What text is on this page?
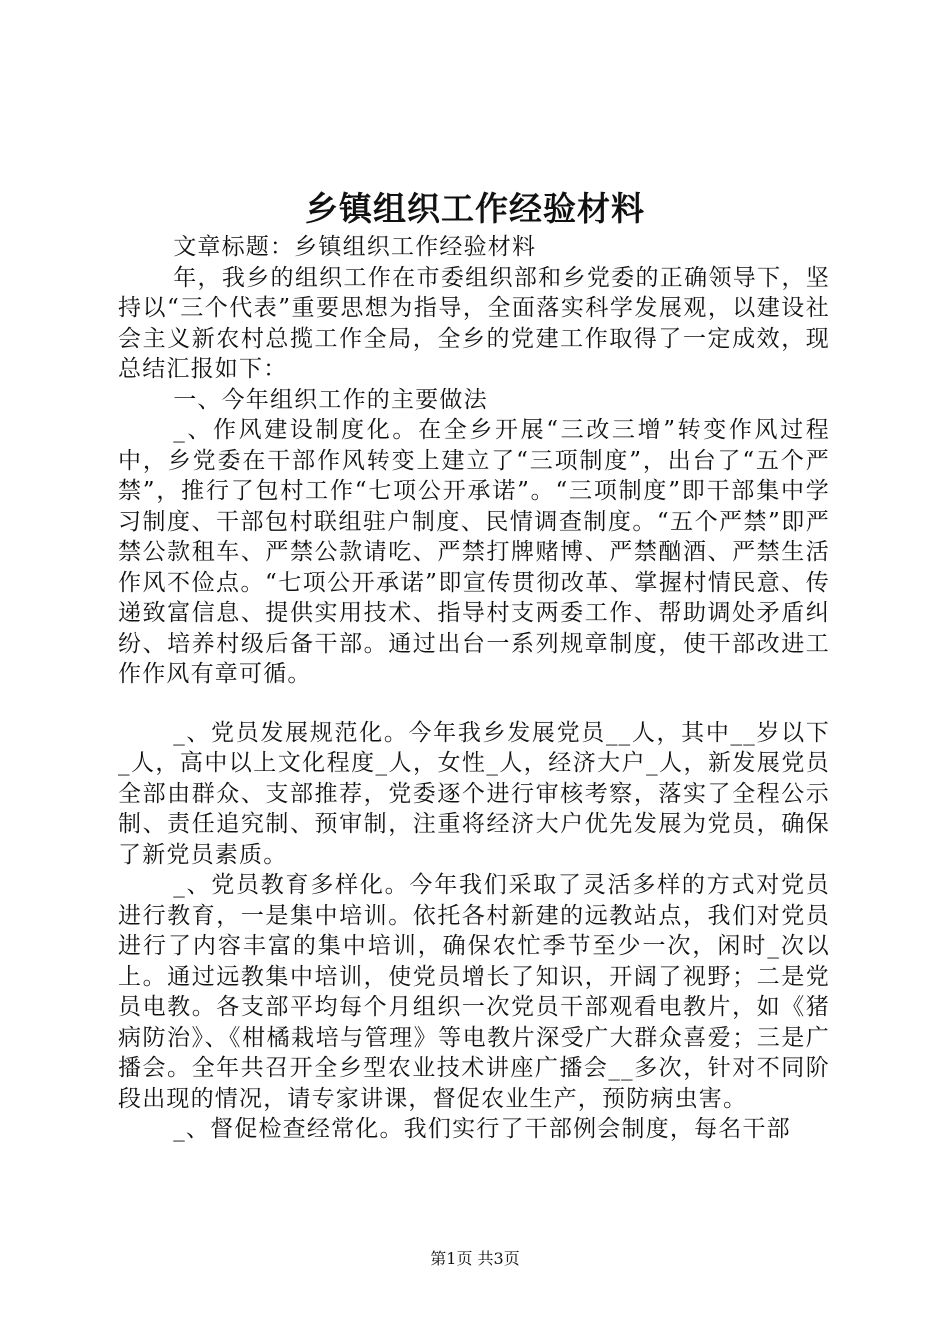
乡镇组织工作经验材料

文章标题：乡镇组织工作经验材料

年，我乡的组织工作在市委组织部和乡党委的正确领导下，坚持以“三个代表”重要思想为指导，全面落实科学发展观，以建设社会主义新农村总揽工作全局，全乡的党建工作取得了一定成效，现总结汇报如下：

一、今年组织工作的主要做法

_、作风建设制度化。在全乡开展“三改三增”转变作风过程中，乡党委在干部作风转变上建立了“三项制度”，出台了“五个严禁”，推行了包村工作“七项公开承诺”。“三项制度”即干部集中学习制度、干部包村联组驻户制度、民情调查制度。“五个严禁”即严禁公款租车、严禁公款请吃、严禁打牌赌博、严禁酗酒、严禁生活作风不俭点。“七项公开承诺”即宣传贯彻改革、掌握村情民意、传递致富信息、提供实用技术、指导村支两委工作、帮助调处矛盾纠纷、培养村级后备干部。通过出台一系列规章制度，使干部改进工作作风有章可循。

_、党员发展规范化。今年我乡发展党员__人，其中__岁以下_人，高中以上文化程度_人，女性_人，经济大户_人，新发展党员全部由群众、支部推荐，党委逐个进行审核考察，落实了全程公示制、责任追究制、预审制，注重将经济大户优先发展为党员，确保了新党员素质。

_、党员教育多样化。今年我们采取了灵活多样的方式对党员进行教育，一是集中培训。依托各村新建的远教站点，我们对党员进行了内容丰富的集中培训，确保农忙季节至少一次，闲时_次以上。通过远教集中培训，使党员增长了知识，开阔了视野；二是党员电教。各支部平均每个月组织一次党员干部观看电教片，如《猪病防治》、《柑橘栽培与管理》等电教片深受广大群众喜爱；三是广播会。全年共召开全乡型农业技术讲座广播会__多次，针对不同阶段出现的情况，请专家讲课，督促农业生产，预防病虫害。

_、督促检查经常化。我们实行了干部例会制度，每名干部

第1页 共3页
